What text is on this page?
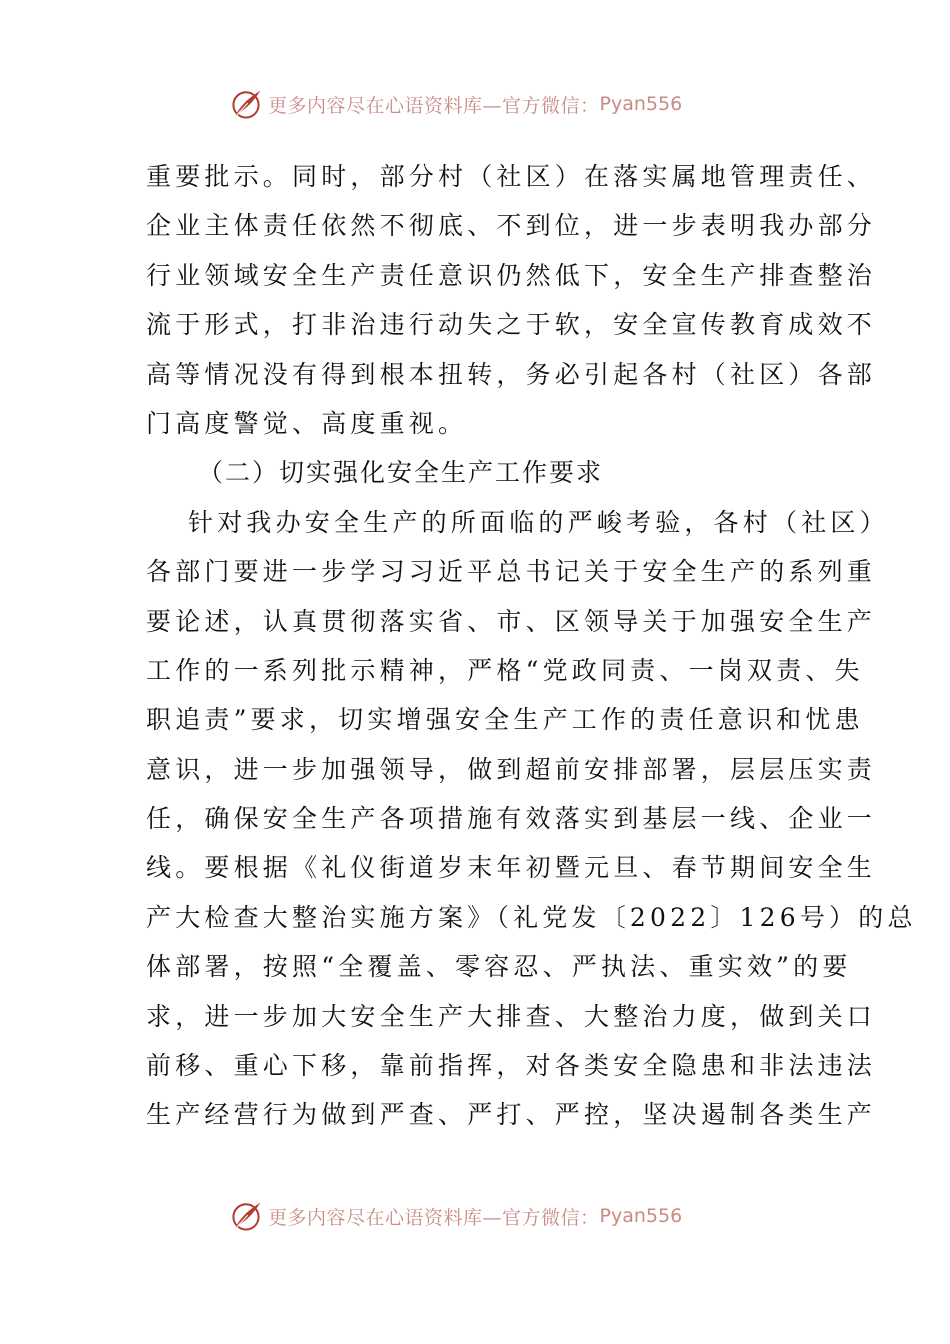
更多内容尽在心语资料库—官方微信： Pyan556
重要批示。同时，部分村（社区）在落实属地管理责任、
企业主体责任依然不彻底、不到位，进一步表明我办部分
行业领域安全生产责任意识仍然低下，安全生产排查整治
流于形式，打非治违行动失之于软，安全宣传教育成效不
高等情况没有得到根本扭转，务必引起各村（社区）各部
门高度警觉、高度重视。
（二）切实强化安全生产工作要求
针对我办安全生产的所面临的严峻考验，各村（社区）
各部门要进一步学习习近平总书记关于安全生产的系列重
要论述，认真贯彻落实省、市、区领导关于加强安全生产
工作的一系列批示精神，严格“党政同责、一岗双责、失
职追责”要求，切实增强安全生产工作的责任意识和忧患
意识，进一步加强领导，做到超前安排部署，层层压实责
任，确保安全生产各项措施有效落实到基层一线、企业一
线。要根据《礼仪街道岁末年初暨元旦、春节期间安全生
产大检查大整治实施方案》（礼党发〔2022〕126号）的总
体部署，按照“全覆盖、零容忍、严执法、重实效”的要
求，进一步加大安全生产大排查、大整治力度，做到关口
前移、重心下移，靠前指挥，对各类安全隐患和非法违法
生产经营行为做到严查、严打、严控，坚决遏制各类生产
更多内容尽在心语资料库—官方微信： Pyan556
